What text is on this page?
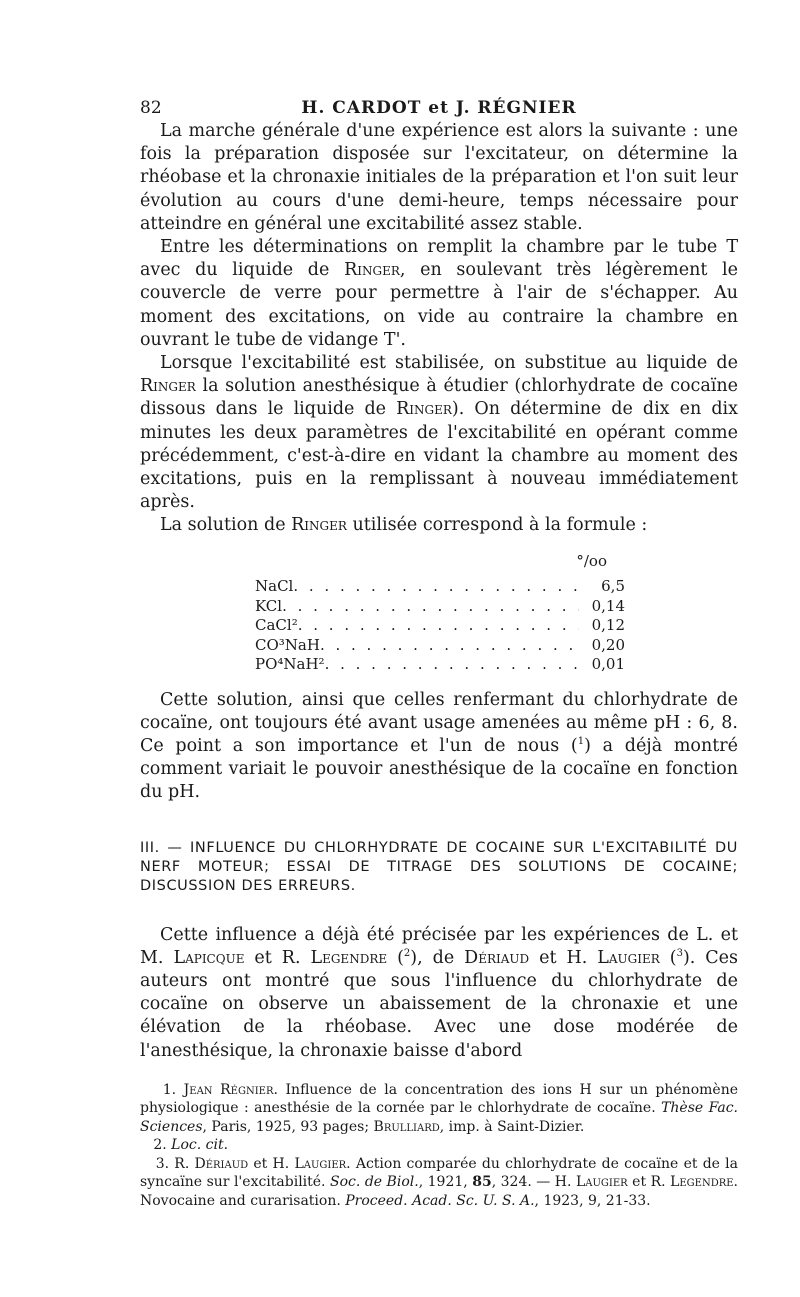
82	H. CARDOT et J. RÉGNIER

La marche générale d'une expérience est alors la suivante : une fois la préparation disposée sur l'excitateur, on détermine la rhéobase et la chronaxie initiales de la préparation et l'on suit leur évolution au cours d'une demi-heure, temps nécessaire pour atteindre en général une excitabilité assez stable.

Entre les déterminations on remplit la chambre par le tube T avec du liquide de Ringer, en soulevant très légèrement le couvercle de verre pour permettre à l'air de s'échapper. Au moment des excitations, on vide au contraire la chambre en ouvrant le tube de vidange T'.

Lorsque l'excitabilité est stabilisée, on substitue au liquide de Ringer la solution anesthésique à étudier (chlorhydrate de cocaïne dissous dans le liquide de Ringer). On détermine de dix en dix minutes les deux paramètres de l'excitabilité en opérant comme précédemment, c'est-à-dire en vidant la chambre au moment des excitations, puis en la remplissant à nouveau immédiatement après.

La solution de Ringer utilisée correspond à la formule :

°/oo
NaCl . . .	6,5
KCl . . .	0,14
CaCl² . . .	0,12
CO³NaH . . .	0,20
PO⁴NaH² . . .	0,01

Cette solution, ainsi que celles renfermant du chlorhydrate de cocaïne, ont toujours été avant usage amenées au même pH : 6, 8. Ce point a son importance et l'un de nous ($^1$) a déjà montré comment variait le pouvoir anesthésique de la cocaïne en fonction du pH.

III. — INFLUENCE DU CHLORHYDRATE DE COCAINE SUR L'EXCITABILITÉ DU NERF MOTEUR; ESSAI DE TITRAGE DES SOLUTIONS DE COCAINE; DISCUSSION DES ERREURS.

Cette influence a déjà été précisée par les expériences de L. et M. Lapicque et R. Legendre ($^2$), de Dériaud et H. Laugier ($^3$). Ces auteurs ont montré que sous l'influence du chlorhydrate de cocaïne on observe un abaissement de la chronaxie et une élévation de la rhéobase. Avec une dose modérée de l'anesthésique, la chronaxie baisse d'abord

1. Jean Régnier. Influence de la concentration des ions H sur un phénomène physiologique : anesthésie de la cornée par le chlorhydrate de cocaïne. Thèse Fac. Sciences, Paris, 1925, 93 pages; Brulliard, imp. à Saint-Dizier.

2. Loc. cit.

3. R. Dériaud et H. Laugier. Action comparée du chlorhydrate de cocaïne et de la syncaïne sur l'excitabilité. Soc. de Biol., 1921, 85, 324. — H. Laugier et R. Legendre. Novocaine and curarisation. Proceed. Acad. Sc. U. S. A., 1923, 9, 21-33.
